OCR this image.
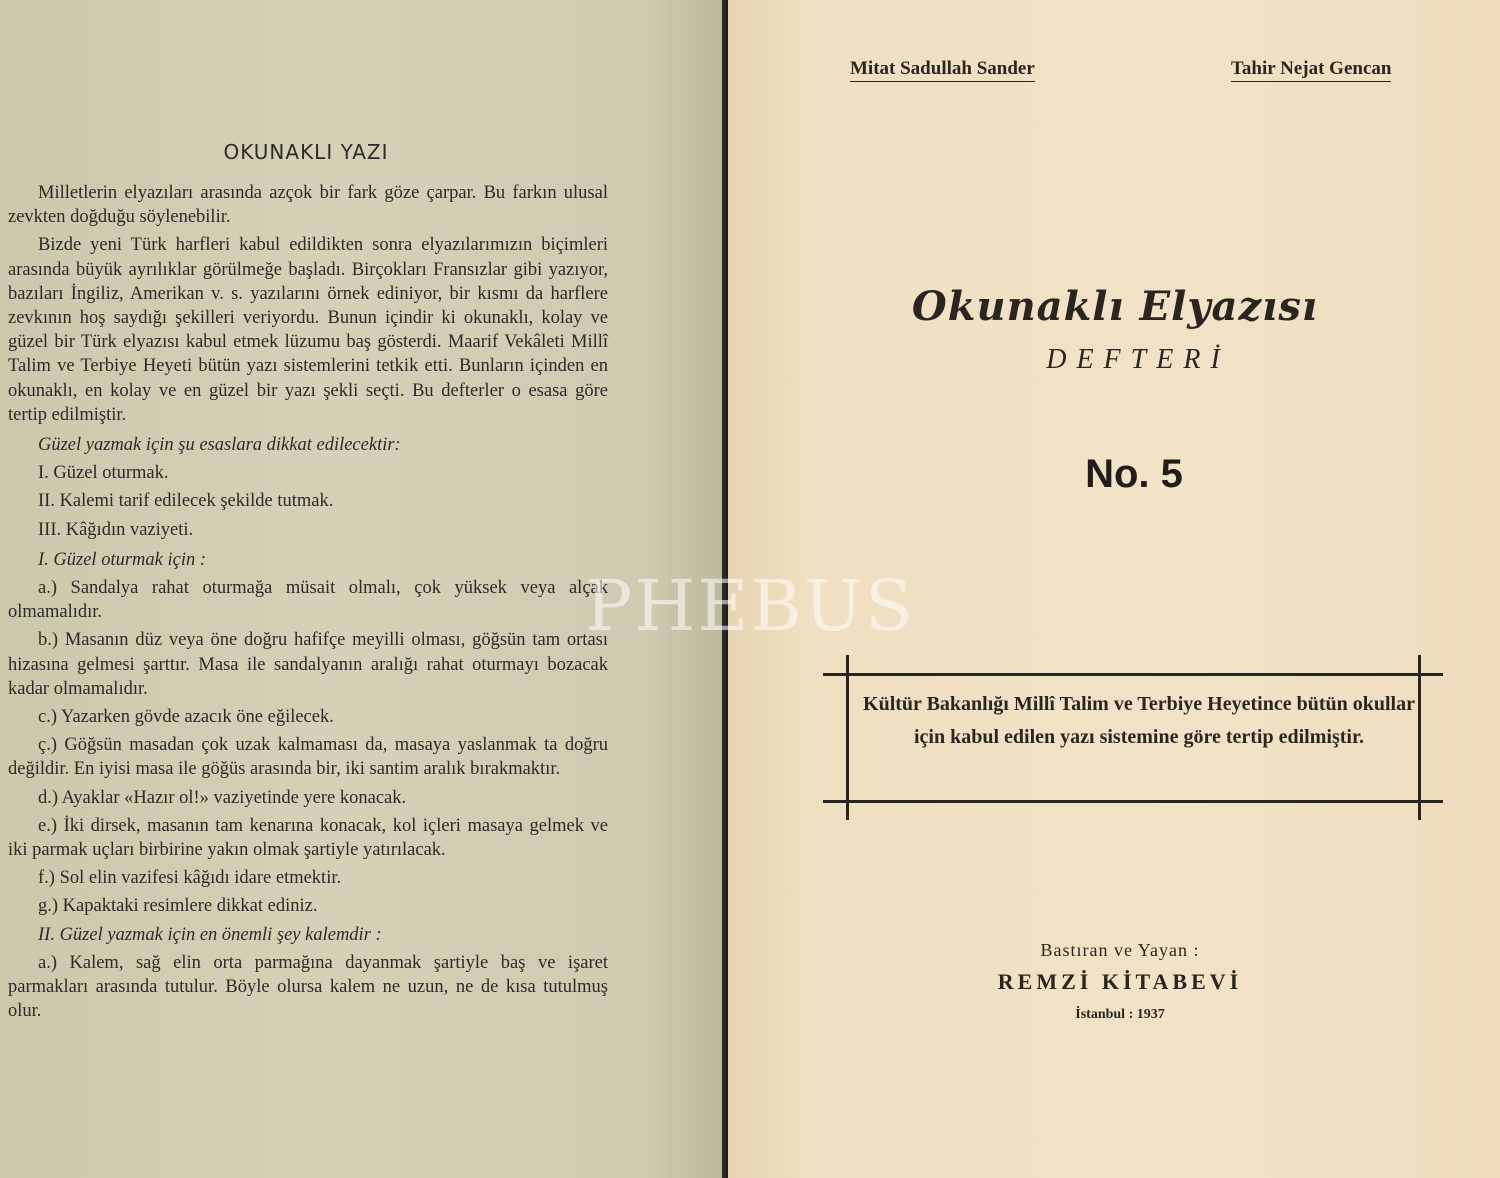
OKUNAKLI YAZI

Milletlerin elyazıları arasında azçok bir fark göze çarpar. Bu farkın ulusal zevkten doğduğu söylenebilir.

Bizde yeni Türk harfleri kabul edildikten sonra elyazılarımızın biçimleri arasında büyük ayrılıklar görülmeğe başladı. Birçokları Fransızlar gibi yazıyor, bazıları İngiliz, Amerikan v. s. yazılarını örnek ediniyor, bir kısmı da harflere zevkının hoş saydığı şekilleri veriyordu. Bunun içindir ki okunaklı, kolay ve güzel bir Türk elyazısı kabul etmek lüzumu baş gösterdi. Maarif Vekâleti Millî Talim ve Terbiye Heyeti bütün yazı sistemlerini tetkik etti. Bunların içinden en okunaklı, en kolay ve en güzel bir yazı şekli seçti. Bu defterler o esasa göre tertip edilmiştir.

Güzel yazmak için şu esaslara dikkat edilecektir:

I. Güzel oturmak.

II. Kalemi tarif edilecek şekilde tutmak.

III. Kâğıdın vaziyeti.

I. Güzel oturmak için :

a.) Sandalya rahat oturmağa müsait olmalı, çok yüksek veya alçak olmamalıdır.

b.) Masanın düz veya öne doğru hafifçe meyilli olması, göğsün tam ortası hizasına gelmesi şarttır. Masa ile sandalyanın aralığı rahat oturmayı bozacak kadar olmamalıdır.

c.) Yazarken gövde azacık öne eğilecek.

ç.) Göğsün masadan çok uzak kalmaması da, masaya yaslanmak ta doğru değildir. En iyisi masa ile göğüs arasında bir, iki santim aralık bırakmaktır.

d.) Ayaklar «Hazır ol!» vaziyetinde yere konacak.

e.) İki dirsek, masanın tam kenarına konacak, kol içleri masaya gelmek ve iki parmak uçları birbirine yakın olmak şartiyle yatırılacak.

f.) Sol elin vazifesi kâğıdı idare etmektir.

g.) Kapaktaki resimlere dikkat ediniz.

II. Güzel yazmak için en önemli şey kalemdir :

a.) Kalem, sağ elin orta parmağına dayanmak şartiyle baş ve işaret parmakları arasında tutulur. Böyle olursa kalem ne uzun, ne de kısa tutulmuş olur.

Mitat Sadullah Sander	Tahir Nejat Gencan
Okunaklı Elyazısı
DEFTERİ
No. 5
Kültür Bakanlığı Millî Talim ve Terbiye Heyetince bütün okullar için kabul edilen yazı sistemine göre tertip edilmiştir.
Bastıran ve Yayan :
REMZİ KİTABEVİ
İstanbul : 1937
PHEBUS
